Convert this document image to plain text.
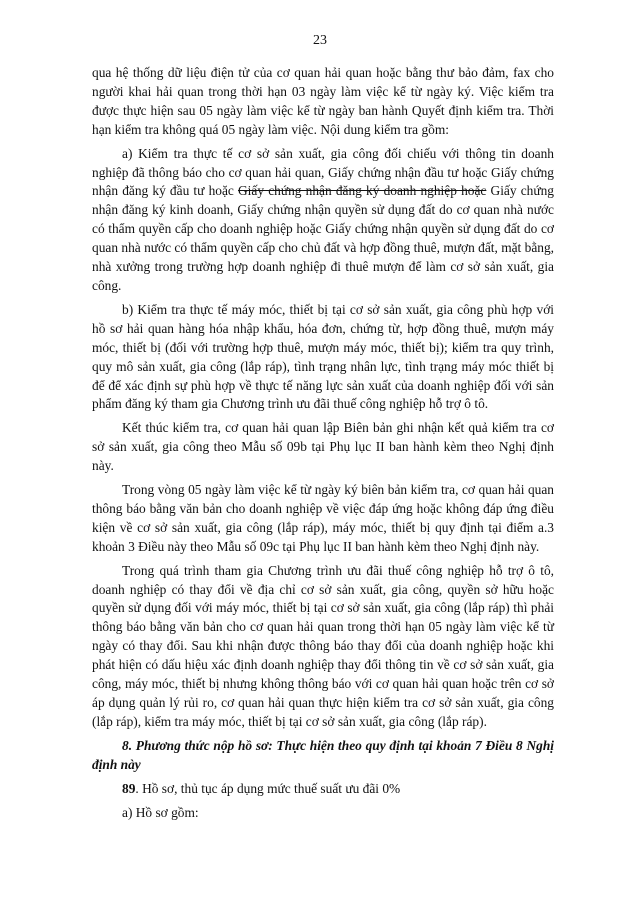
23

qua hệ thống dữ liệu điện tử của cơ quan hải quan hoặc bằng thư bảo đảm, fax cho người khai hải quan trong thời hạn 03 ngày làm việc kể từ ngày ký. Việc kiểm tra được thực hiện sau 05 ngày làm việc kể từ ngày ban hành Quyết định kiểm tra. Thời hạn kiểm tra không quá 05 ngày làm việc. Nội dung kiểm tra gồm:

a) Kiểm tra thực tế cơ sở sản xuất, gia công đối chiếu với thông tin doanh nghiệp đã thông báo cho cơ quan hải quan, Giấy chứng nhận đầu tư hoặc Giấy chứng nhận đăng ký đầu tư hoặc Giấy chứng nhận đăng ký doanh nghiệp hoặc Giấy chứng nhận đăng ký kinh doanh, Giấy chứng nhận quyền sử dụng đất do cơ quan nhà nước có thẩm quyền cấp cho doanh nghiệp hoặc Giấy chứng nhận quyền sử dụng đất do cơ quan nhà nước có thẩm quyền cấp cho chủ đất và hợp đồng thuê, mượn đất, mặt bằng, nhà xưởng trong trường hợp doanh nghiệp đi thuê mượn để làm cơ sở sản xuất, gia công.

b) Kiểm tra thực tế máy móc, thiết bị tại cơ sở sản xuất, gia công phù hợp với hồ sơ hải quan hàng hóa nhập khẩu, hóa đơn, chứng từ, hợp đồng thuê, mượn máy móc, thiết bị (đối với trường hợp thuê, mượn máy móc, thiết bị); kiểm tra quy trình, quy mô sản xuất, gia công (lắp ráp), tình trạng nhân lực, tình trạng máy móc thiết bị để để xác định sự phù hợp về thực tế năng lực sản xuất của doanh nghiệp đối với sản phẩm đăng ký tham gia Chương trình ưu đãi thuế công nghiệp hỗ trợ ô tô.

Kết thúc kiểm tra, cơ quan hải quan lập Biên bản ghi nhận kết quả kiểm tra cơ sở sản xuất, gia công theo Mẫu số 09b tại Phụ lục II ban hành kèm theo Nghị định này.

Trong vòng 05 ngày làm việc kể từ ngày ký biên bản kiểm tra, cơ quan hải quan thông báo bằng văn bản cho doanh nghiệp về việc đáp ứng hoặc không đáp ứng điều kiện về cơ sở sản xuất, gia công (lắp ráp), máy móc, thiết bị quy định tại điểm a.3 khoản 3 Điều này theo Mẫu số 09c tại Phụ lục II ban hành kèm theo Nghị định này.

Trong quá trình tham gia Chương trình ưu đãi thuế công nghiệp hỗ trợ ô tô, doanh nghiệp có thay đổi về địa chỉ cơ sở sản xuất, gia công, quyền sở hữu hoặc quyền sử dụng đối với máy móc, thiết bị tại cơ sở sản xuất, gia công (lắp ráp) thì phải thông báo bằng văn bản cho cơ quan hải quan trong thời hạn 05 ngày làm việc kể từ ngày có thay đổi. Sau khi nhận được thông báo thay đổi của doanh nghiệp hoặc khi phát hiện có dấu hiệu xác định doanh nghiệp thay đổi thông tin về cơ sở sản xuất, gia công, máy móc, thiết bị nhưng không thông báo với cơ quan hải quan hoặc trên cơ sở áp dụng quản lý rủi ro, cơ quan hải quan thực hiện kiểm tra cơ sở sản xuất, gia công (lắp ráp), kiểm tra máy móc, thiết bị tại cơ sở sản xuất, gia công (lắp ráp).

8. Phương thức nộp hồ sơ: Thực hiện theo quy định tại khoản 7 Điều 8 Nghị định này

89. Hồ sơ, thủ tục áp dụng mức thuế suất ưu đãi 0%

a) Hồ sơ gồm:
